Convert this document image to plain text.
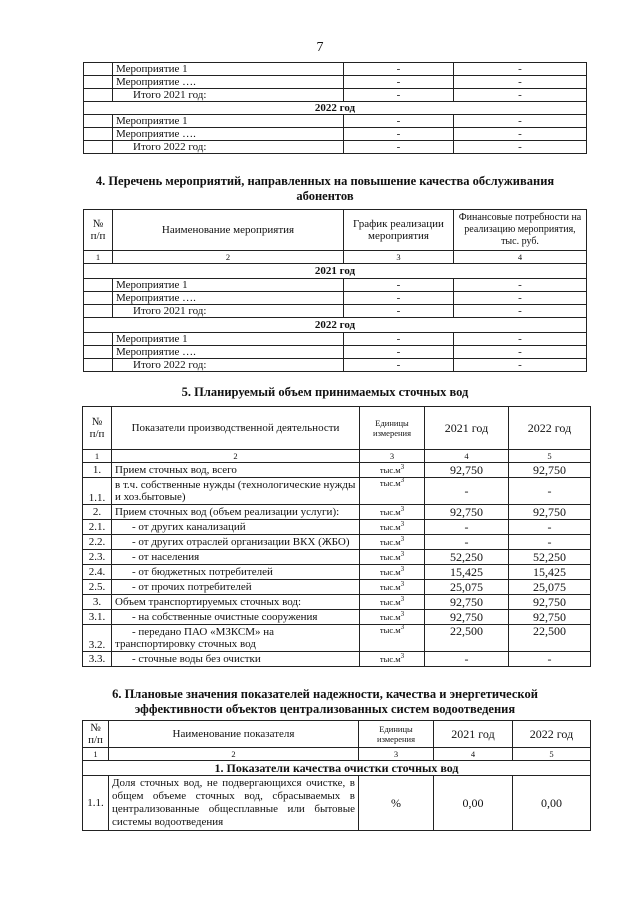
7
	Мероприятие 1	-	-
	Мероприятие ….	-	-
	Итого 2021 год:	-	-
2022 год			
	Мероприятие 1	-	-
	Мероприятие ….	-	-
	Итого 2022 год:	-	-
4. Перечень мероприятий, направленных на повышение качества обслуживания
абонентов
№ п/п	Наименование мероприятия	График реализации мероприятия	Финансовые потребности на реализацию мероприятия, тыс. руб.
1	2	3	4
2021 год			
	Мероприятие 1	-	-
	Мероприятие ….	-	-
	Итого 2021 год:	-	-
2022 год			
	Мероприятие 1	-	-
	Мероприятие ….	-	-
	Итого 2022 год:	-	-
5. Планируемый объем принимаемых сточных вод
№ п/п	Показатели производственной деятельности	Единицы измерения	2021 год	2022 год
1	2	3	4	5
1.	Прием сточных вод, всего	$тыс.м^3$	92,750	92,750
1.1.	в т.ч. собственные нужды (технологические нужды и хоз.бытовые)	$тыс.м^3$	-	-
2.	Прием сточных вод (объем реализации услуги):	$тыс.м^3$	92,750	92,750
2.1.	- от других канализаций	$тыс.м^3$	-	-
2.2.	- от других отраслей организации ВКХ (ЖБО)	$тыс.м^3$	-	-
2.3.	- от населения	$тыс.м^3$	52,250	52,250
2.4.	- от бюджетных потребителей	$тыс.м^3$	15,425	15,425
2.5.	- от прочих потребителей	$тыс.м^3$	25,075	25,075
3.	Объем транспортируемых сточных вод:	$тыс.м^3$	92,750	92,750
3.1.	- на собственные очистные сооружения	$тыс.м^3$	92,750	92,750
3.2.	- передано ПАО «МЗКСМ» на транспортировку сточных вод	$тыс.м^3$	22,500	22,500
3.3.	- сточные воды без очистки	$тыс.м^3$	-	-
6. Плановые значения показателей надежности, качества и энергетической
эффективности объектов централизованных систем водоотведения
№ п/п	Наименование показателя	Единицы измерения	2021 год	2022 год
1	2	3	4	5
1. Показатели качества очистки сточных вод				
1.1.	Доля сточных вод, не подвергающихся очистке, в общем объеме сточных вод, сбрасываемых в централизованные общесплавные или бытовые системы водоотведения	%	0,00	0,00
